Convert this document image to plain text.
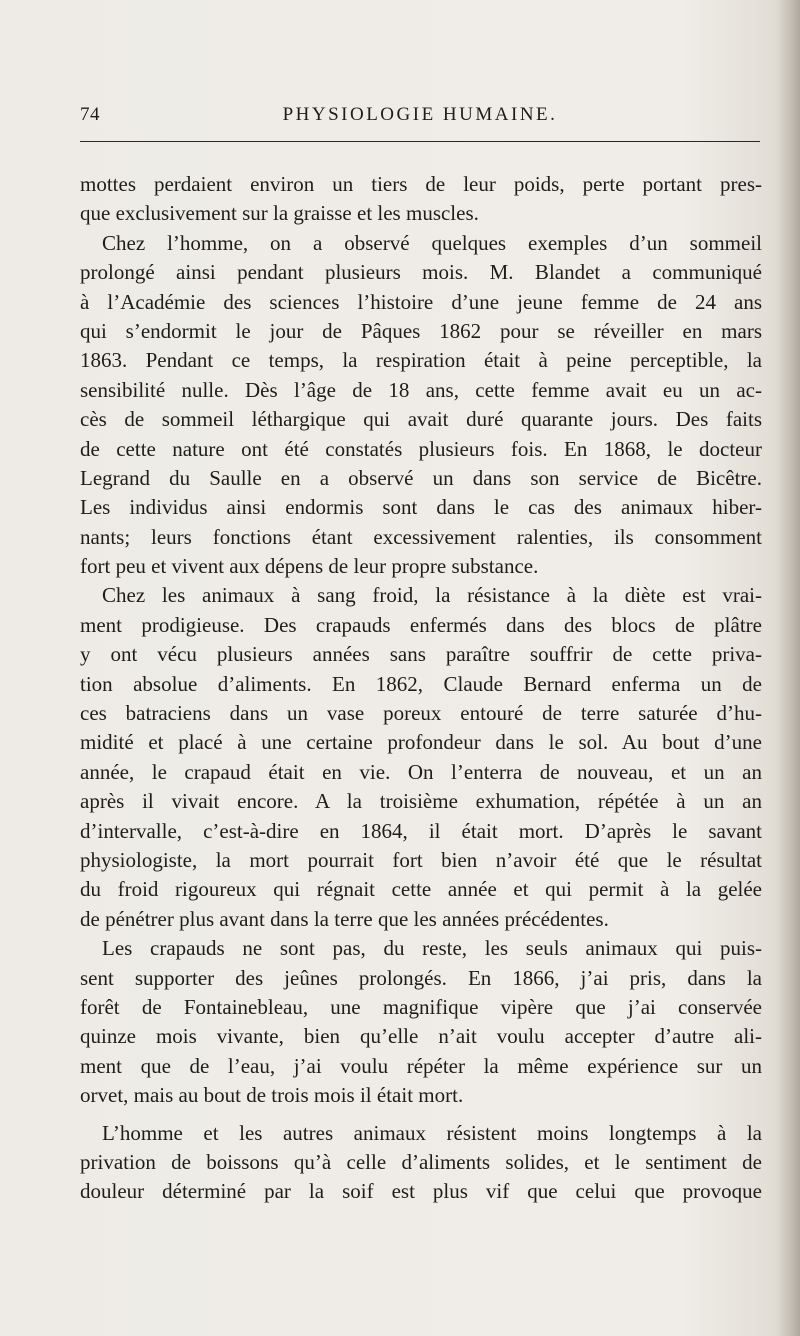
74	PHYSIOLOGIE HUMAINE.

mottes perdaient environ un tiers de leur poids, perte portant pres-
que exclusivement sur la graisse et les muscles.

Chez l’homme, on a observé quelques exemples d’un sommeil
prolongé ainsi pendant plusieurs mois. M. Blandet a communiqué
à l’Académie des sciences l’histoire d’une jeune femme de 24 ans
qui s’endormit le jour de Pâques 1862 pour se réveiller en mars
1863. Pendant ce temps, la respiration était à peine perceptible, la
sensibilité nulle. Dès l’âge de 18 ans, cette femme avait eu un ac-
cès de sommeil léthargique qui avait duré quarante jours. Des faits
de cette nature ont été constatés plusieurs fois. En 1868, le docteur
Legrand du Saulle en a observé un dans son service de Bicêtre.
Les individus ainsi endormis sont dans le cas des animaux hiber-
nants; leurs fonctions étant excessivement ralenties, ils consomment
fort peu et vivent aux dépens de leur propre substance.

Chez les animaux à sang froid, la résistance à la diète est vrai-
ment prodigieuse. Des crapauds enfermés dans des blocs de plâtre
y ont vécu plusieurs années sans paraître souffrir de cette priva-
tion absolue d’aliments. En 1862, Claude Bernard enferma un de
ces batraciens dans un vase poreux entouré de terre saturée d’hu-
midité et placé à une certaine profondeur dans le sol. Au bout d’une
année, le crapaud était en vie. On l’enterra de nouveau, et un an
après il vivait encore. A la troisième exhumation, répétée à un an
d’intervalle, c’est-à-dire en 1864, il était mort. D’après le savant
physiologiste, la mort pourrait fort bien n’avoir été que le résultat
du froid rigoureux qui régnait cette année et qui permit à la gelée
de pénétrer plus avant dans la terre que les années précédentes.

Les crapauds ne sont pas, du reste, les seuls animaux qui puis-
sent supporter des jeûnes prolongés. En 1866, j’ai pris, dans la
forêt de Fontainebleau, une magnifique vipère que j’ai conservée
quinze mois vivante, bien qu’elle n’ait voulu accepter d’autre ali-
ment que de l’eau, j’ai voulu répéter la même expérience sur un
orvet, mais au bout de trois mois il était mort.

L’homme et les autres animaux résistent moins longtemps à la
privation de boissons qu’à celle d’aliments solides, et le sentiment de
douleur déterminé par la soif est plus vif que celui que provoque
